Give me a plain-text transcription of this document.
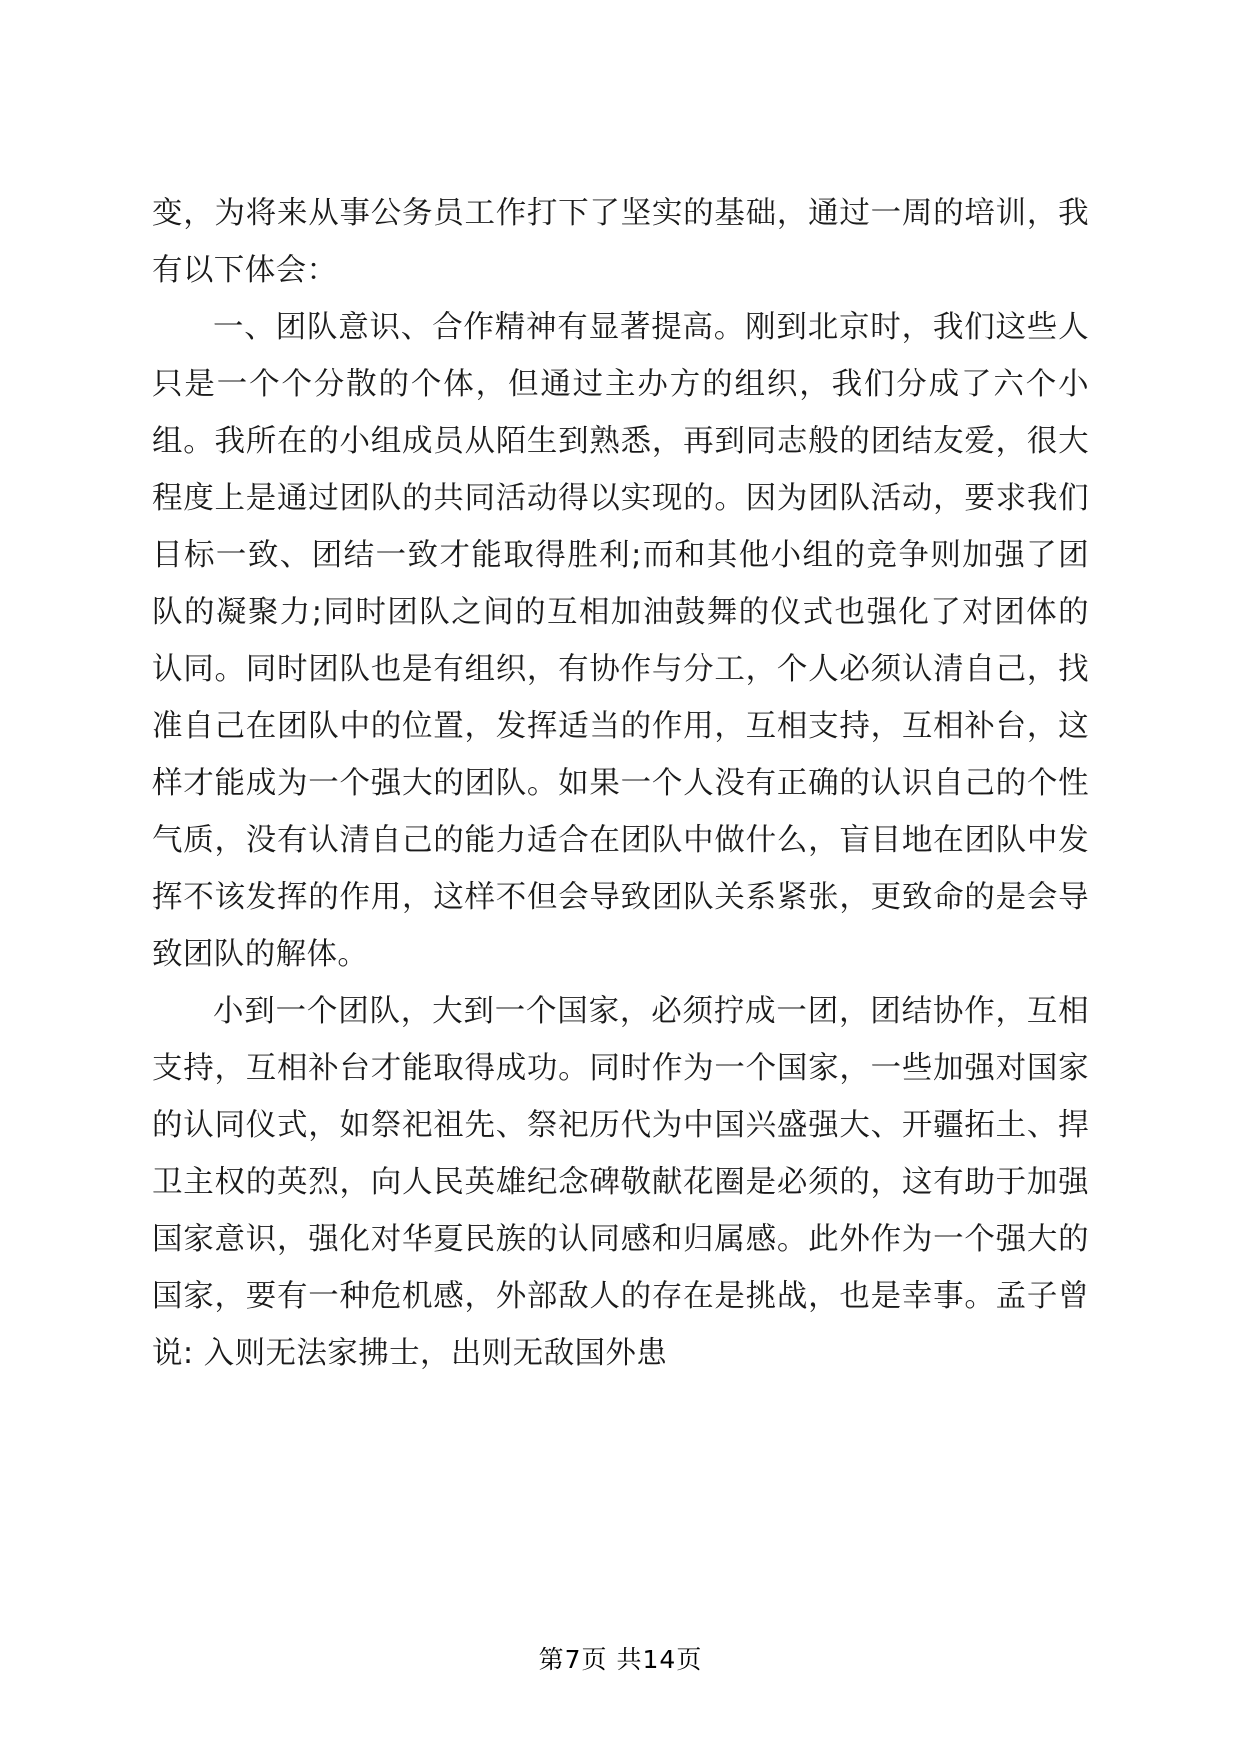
变，为将来从事公务员工作打下了坚实的基础，通过一周的培训，我有以下体会：

一、团队意识、合作精神有显著提高。刚到北京时，我们这些人只是一个个分散的个体，但通过主办方的组织，我们分成了六个小组。我所在的小组成员从陌生到熟悉，再到同志般的团结友爱，很大程度上是通过团队的共同活动得以实现的。因为团队活动，要求我们目标一致、团结一致才能取得胜利;而和其他小组的竞争则加强了团队的凝聚力;同时团队之间的互相加油鼓舞的仪式也强化了对团体的认同。同时团队也是有组织，有协作与分工，个人必须认清自己，找准自己在团队中的位置，发挥适当的作用，互相支持，互相补台，这样才能成为一个强大的团队。如果一个人没有正确的认识自己的个性气质，没有认清自己的能力适合在团队中做什么，盲目地在团队中发挥不该发挥的作用，这样不但会导致团队关系紧张，更致命的是会导致团队的解体。

小到一个团队，大到一个国家，必须拧成一团，团结协作，互相支持，互相补台才能取得成功。同时作为一个国家，一些加强对国家的认同仪式，如祭祀祖先、祭祀历代为中国兴盛强大、开疆拓土、捍卫主权的英烈，向人民英雄纪念碑敬献花圈是必须的，这有助于加强国家意识，强化对华夏民族的认同感和归属感。此外作为一个强大的国家，要有一种危机感，外部敌人的存在是挑战，也是幸事。孟子曾说: 入则无法家拂士，出则无敌国外患

第7页 共14页
